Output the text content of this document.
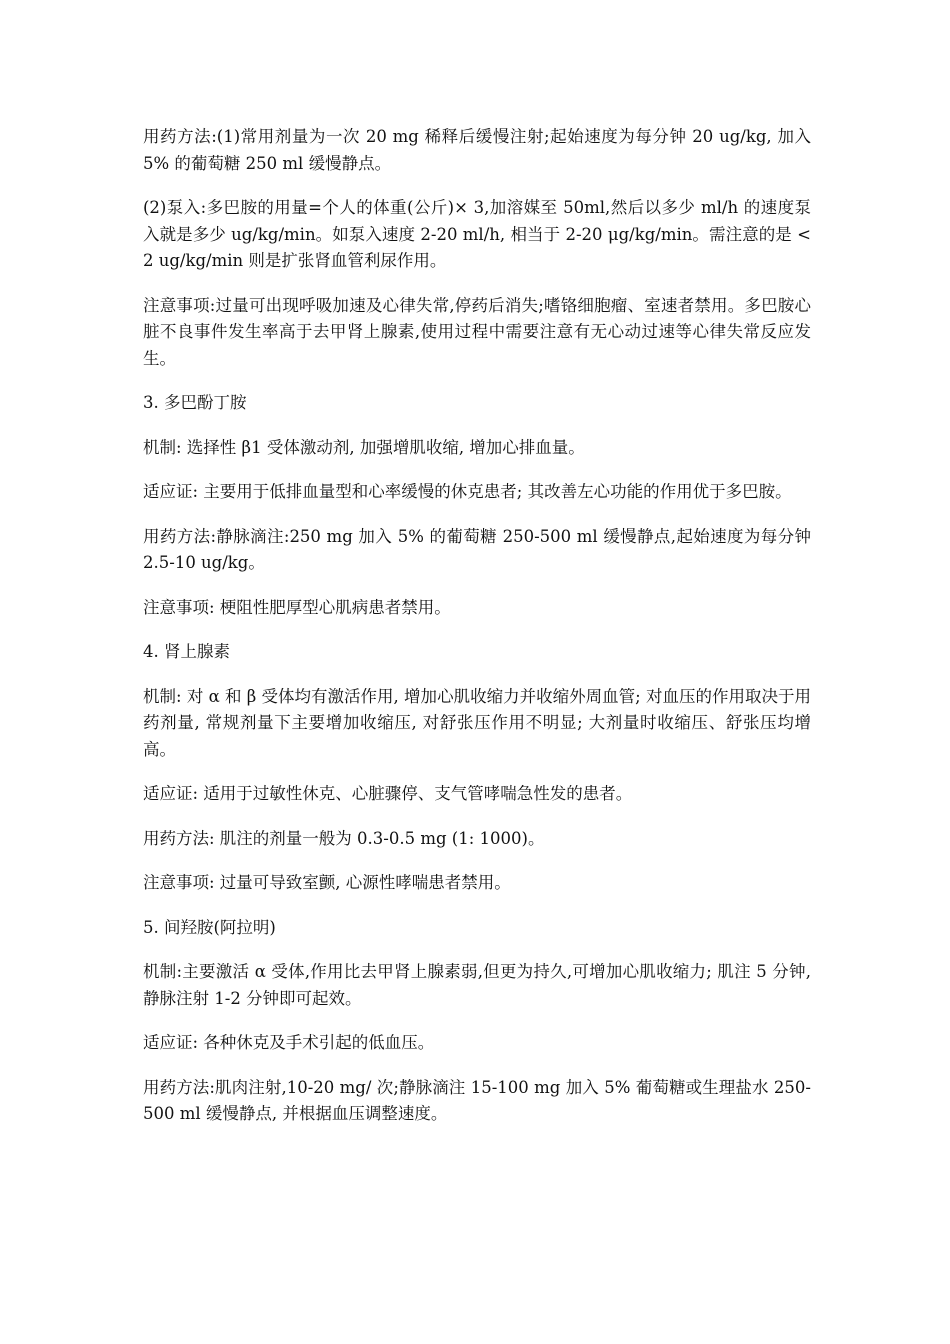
用药方法:(1)常用剂量为一次 20 mg 稀释后缓慢注射;起始速度为每分钟 20 ug/kg, 加入 5% 的葡萄糖 250 ml 缓慢静点。

(2)泵入:多巴胺的用量=个人的体重(公斤)× 3,加溶媒至 50ml,然后以多少 ml/h 的速度泵入就是多少 ug/kg/min。如泵入速度 2-20 ml/h, 相当于 2-20 μg/kg/min。需注意的是 <2 ug/kg/min 则是扩张肾血管利尿作用。

注意事项:过量可出现呼吸加速及心律失常,停药后消失;嗜铬细胞瘤、室速者禁用。多巴胺心脏不良事件发生率高于去甲肾上腺素,使用过程中需要注意有无心动过速等心律失常反应发生。

3. 多巴酚丁胺

机制: 选择性 β1 受体激动剂, 加强增肌收缩, 增加心排血量。

适应证: 主要用于低排血量型和心率缓慢的休克患者; 其改善左心功能的作用优于多巴胺。

用药方法:静脉滴注:250 mg 加入 5% 的葡萄糖 250-500 ml 缓慢静点,起始速度为每分钟 2.5-10 ug/kg。

注意事项: 梗阻性肥厚型心肌病患者禁用。

4. 肾上腺素

机制: 对 α 和 β 受体均有激活作用, 增加心肌收缩力并收缩外周血管; 对血压的作用取决于用药剂量, 常规剂量下主要增加收缩压, 对舒张压作用不明显; 大剂量时收缩压、舒张压均增高。

适应证: 适用于过敏性休克、心脏骤停、支气管哮喘急性发的患者。

用药方法: 肌注的剂量一般为 0.3-0.5 mg (1: 1000)。

注意事项: 过量可导致室颤, 心源性哮喘患者禁用。

5. 间羟胺(阿拉明)

机制:主要激活 α 受体,作用比去甲肾上腺素弱,但更为持久,可增加心肌收缩力; 肌注 5 分钟, 静脉注射 1-2 分钟即可起效。

适应证: 各种休克及手术引起的低血压。

用药方法:肌肉注射,10-20 mg/ 次;静脉滴注 15-100 mg 加入 5% 葡萄糖或生理盐水 250-500 ml 缓慢静点, 并根据血压调整速度。
